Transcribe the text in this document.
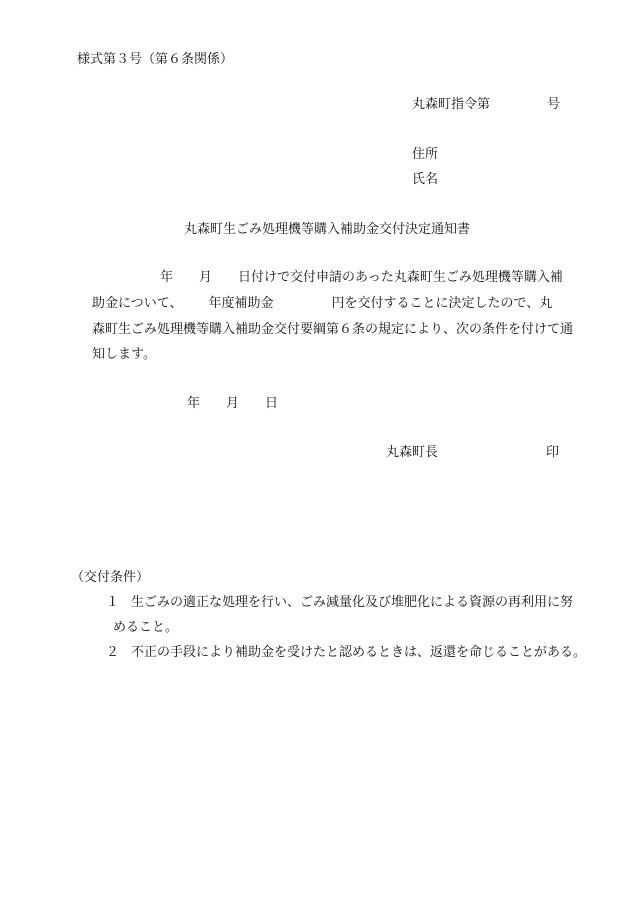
様式第３号（第６条関係）
丸森町指令第	号
住所
氏名
丸森町生ごみ処理機等購入補助金交付決定通知書
年 月 日付けで交付申請のあった丸森町生ごみ処理機等購入補
助金について、 年度補助金	円を交付することに決定したので、丸
森町生ごみ処理機等購入補助金交付要綱第６条の規定により、次の条件を付けて通
知します。
年 月 日
丸森町長	印
（交付条件）
１ 生ごみの適正な処理を行い、ごみ減量化及び堆肥化による資源の再利用に努
めること。
２ 不正の手段により補助金を受けたと認めるときは、返還を命じることがある。
